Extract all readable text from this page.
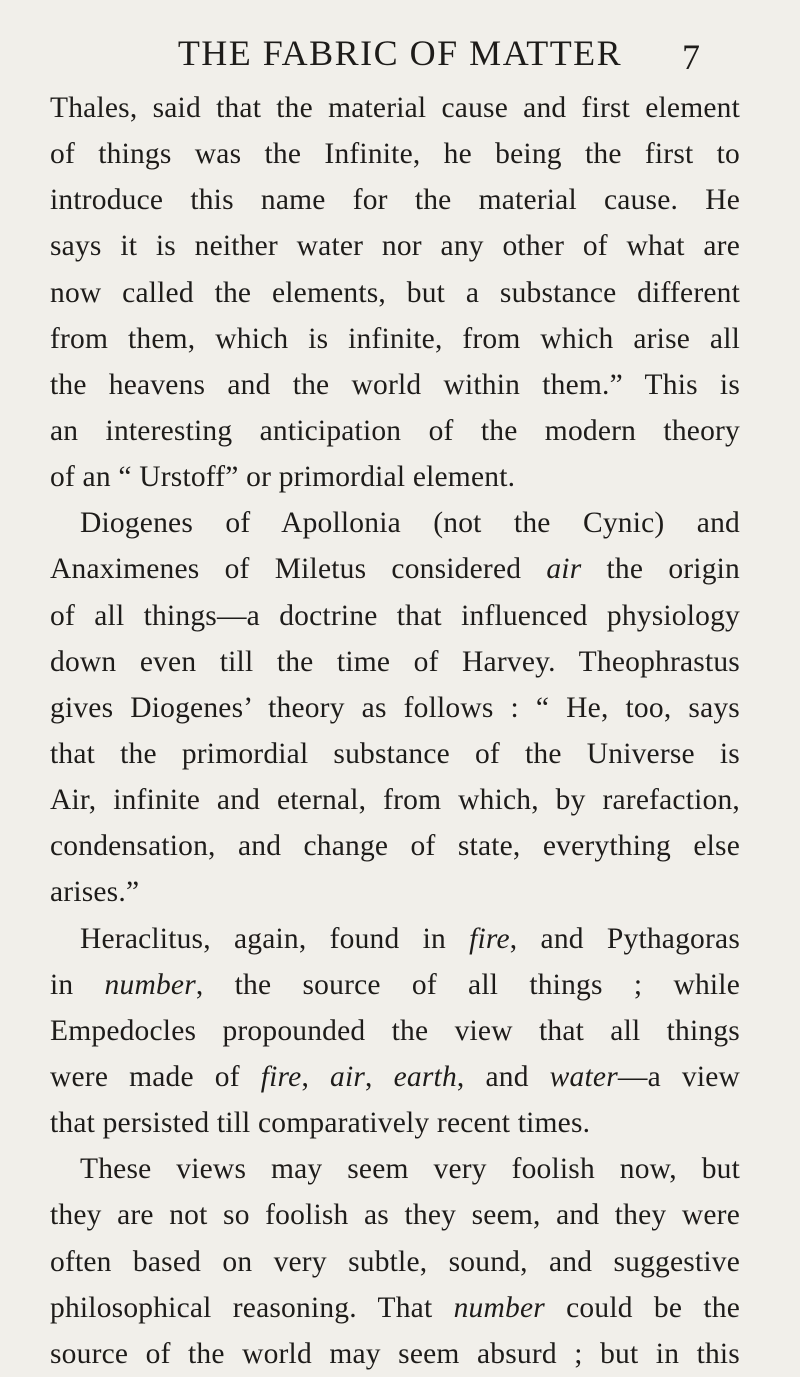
THE FABRIC OF MATTER	7
Thales, said that the material cause and first element
of things was the Infinite, he being the first to
introduce this name for the material cause. He
says it is neither water nor any other of what are
now called the elements, but a substance different
from them, which is infinite, from which arise all
the heavens and the world within them.” This is
an interesting anticipation of the modern theory
of an “ Urstoff” or primordial element.
Diogenes of Apollonia (not the Cynic) and
Anaximenes of Miletus considered air the origin
of all things—a doctrine that influenced physiology
down even till the time of Harvey. Theophrastus
gives Diogenes’ theory as follows : “ He, too, says
that the primordial substance of the Universe is
Air, infinite and eternal, from which, by rarefaction,
condensation, and change of state, everything else
arises.”
Heraclitus, again, found in fire, and Pythagoras
in number, the source of all things ; while
Empedocles propounded the view that all things
were made of fire, air, earth, and water—a view
that persisted till comparatively recent times.
These views may seem very foolish now, but
they are not so foolish as they seem, and they were
often based on very subtle, sound, and suggestive
philosophical reasoning. That number could be the
source of the world may seem absurd ; but in this
